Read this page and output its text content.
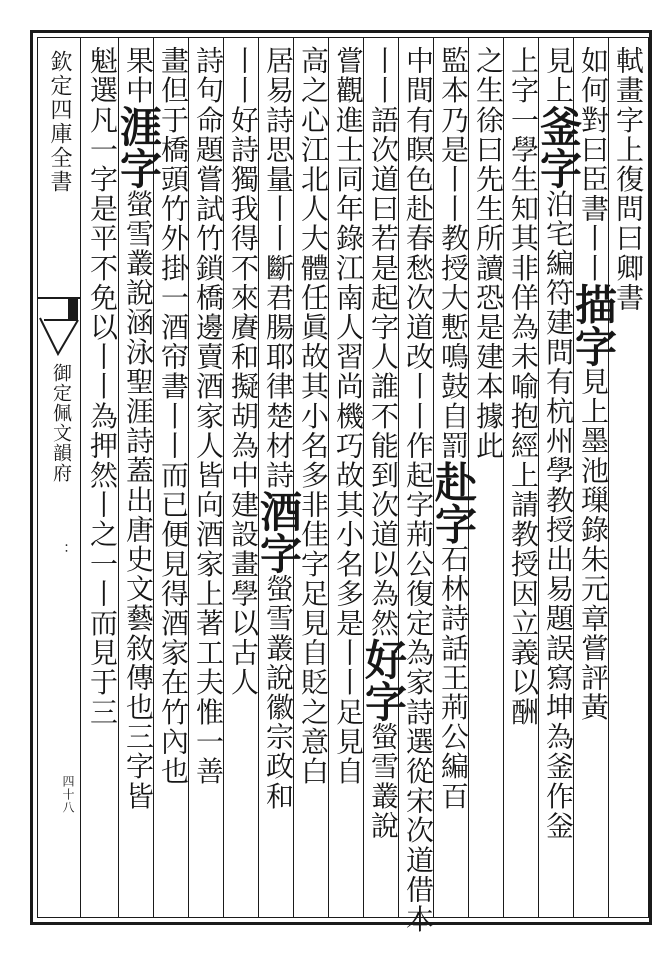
欽定四庫全書
御定佩文韻府
：
四十八
軾畫字上復問曰卿書
如何對曰臣書丨丨描字見上墨池璅錄朱元章嘗評黃
見上釜字泊宅編符建問有杭州學教授出易題誤寫坤為釜作釡
上字一學生知其非佯為未喻抱經上請教授因立義以酬
之生徐曰先生所讀恐是建本據此
監本乃是丨丨教授大慙鳴鼓自罰赴字石林詩話王荊公編百
中間有瞑色赴春愁次道改丨丨作起字荊公復定為家詩選從宋次道借本
丨丨語次道曰若是起字人誰不能到次道以為然好字螢雪叢說
嘗觀進士同年錄江南人習尚機巧故其小名多是丨丨足見自
高之心江北人大體任眞故其小名多非佳字足見自貶之意白
居易詩思量丨丨斷君腸耶律楚材詩酒字螢雪叢說徽宗政和
丨丨好詩獨我得不來賡和擬胡為中建設畫學以古人
詩句命題嘗試竹鎖橋邊賣酒家人皆向酒家上著工夫惟一善
畫但于橋頭竹外掛一酒帘書丨丨而已便見得酒家在竹內也
果中涯字螢雪叢說涵泳聖涯詩蓋出唐史文藝敘傳也三字皆
魁選凡一字是平不免以丨丨為押然丨之一丨而見于三
